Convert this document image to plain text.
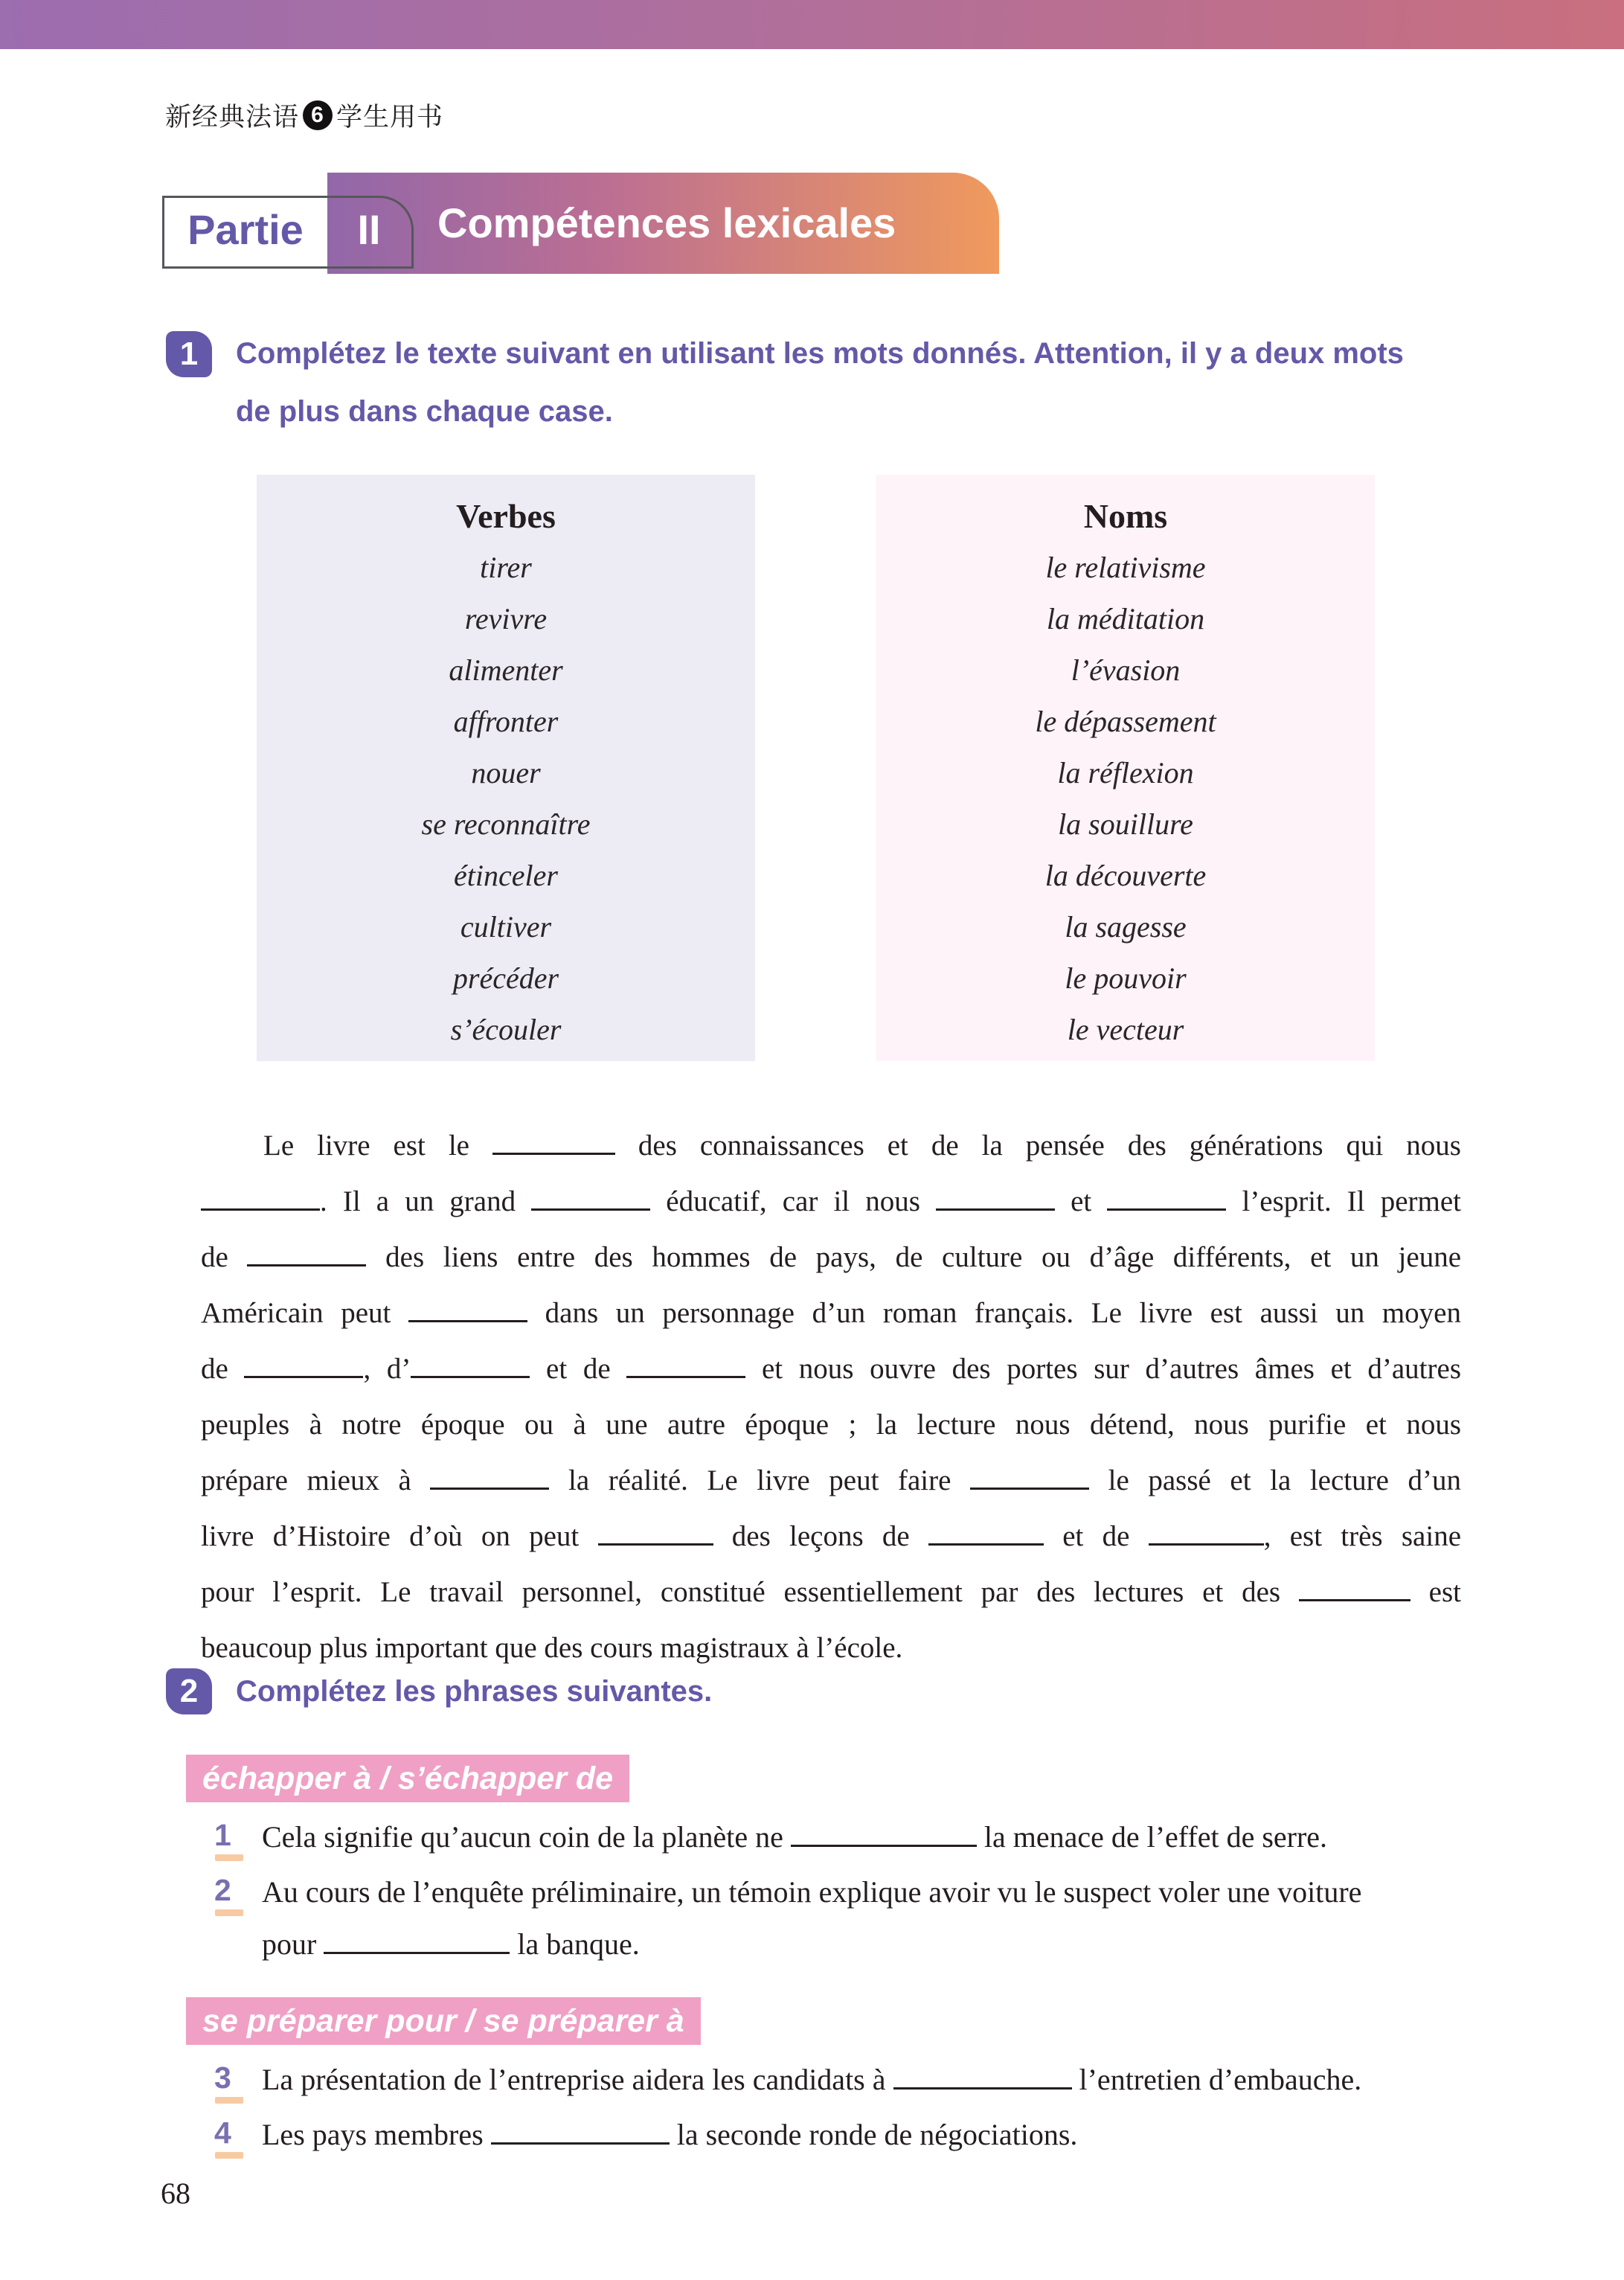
新经典法语 6 学生用书
Partie	II	Compétences lexicales
1	Complétez le texte suivant en utilisant les mots donnés. Attention, il y a deux mots
de plus dans chaque case.
Verbes
tirer
revivre
alimenter
affronter
nouer
se reconnaître
étinceler
cultiver
précéder
s’écouler
Noms
le relativisme
la méditation
l’évasion
le dépassement
la réflexion
la souillure
la découverte
la sagesse
le pouvoir
le vecteur
Le livre est le	des connaissances et de la pensée des générations qui nous
. Il a un grand	éducatif, car il nous	et	l’esprit. Il permet
de	des liens entre des hommes de pays, de culture ou d’âge différents, et un jeune
Américain peut	dans un personnage d’un roman français. Le livre est aussi un moyen
de	, d’	et de	et nous ouvre des portes sur d’autres âmes et d’autres
peuples à notre époque ou à une autre époque ; la lecture nous détend, nous purifie et nous
prépare mieux à	la réalité. Le livre peut faire	le passé et la lecture d’un
livre d’Histoire d’où on peut	des leçons de	et de	, est très saine
pour l’esprit. Le travail personnel, constitué essentiellement par des lectures et des	est
beaucoup plus important que des cours magistraux à l’école.
2	Complétez les phrases suivantes.
échapper à / s’échapper de
1 Cela signifie qu’aucun coin de la planète ne	la menace de l’effet de serre.
2 Au cours de l’enquête préliminaire, un témoin explique avoir vu le suspect voler une voiture
pour	la banque.
se préparer pour / se préparer à
3 La présentation de l’entreprise aidera les candidats à	l’entretien d’embauche.
4 Les pays membres	la seconde ronde de négociations.
68
